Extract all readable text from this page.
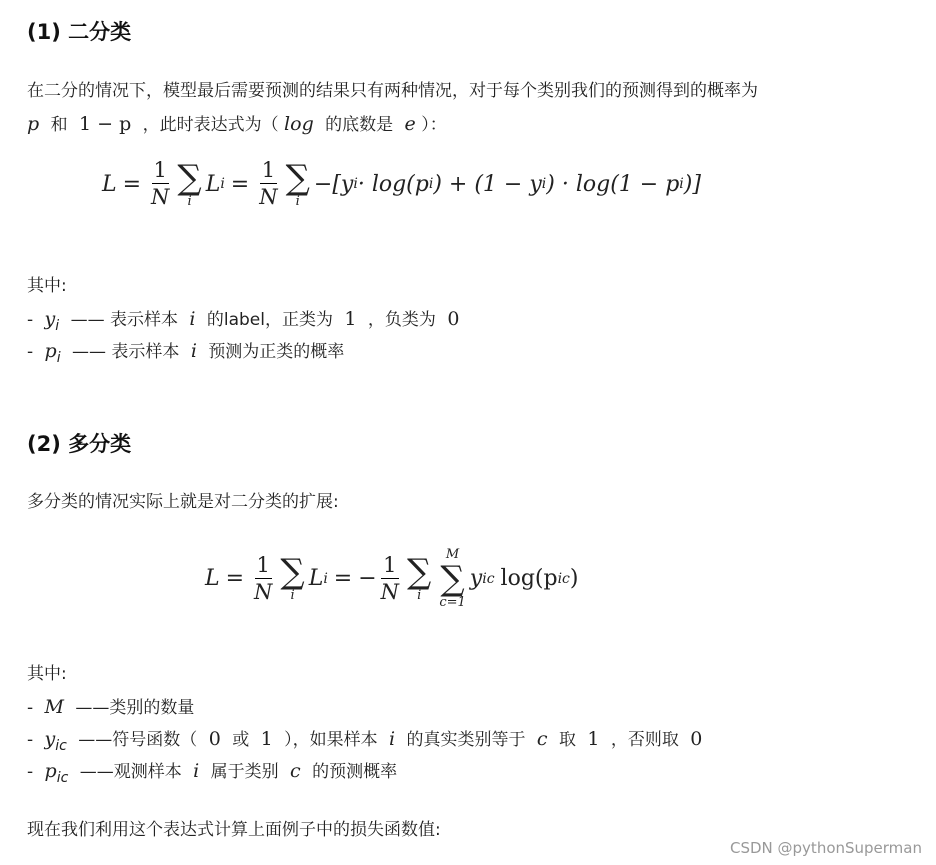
(1) 二分类
在二分的情况下，模型最后需要预测的结果只有两种情况，对于每个类别我们的预测得到的概率为
p 和 1 − p ，此时表达式为（ log 的底数是 e ）：
$L = \frac{1}{N}$ ∑
i
L $i = \frac{1}{N}$ ∑
i
−[y i · log(p i ) + (1 − y i ) · log(1 − p i )]
其中:
- $y_i$ —— 表示样本 i 的label，正类为 1 ，负类为 0
- $p_i$ —— 表示样本 i 预测为正类的概率
(2) 多分类
多分类的情况实际上就是对二分类的扩展:
$L = \frac{1}{N}$ ∑
i
L i = − $\frac{1}{N}$ ∑
i
M
∑
c=1
y ic log(p ic )
其中:
- M ——类别的数量
- $y_{ic}$ ——符号函数（ 0 或 1 ），如果样本 i 的真实类别等于 c 取 1 ，否则取 0
- $p_{ic}$ ——观测样本 i 属于类别 c 的预测概率
现在我们利用这个表达式计算上面例子中的损失函数值:
CSDN @pythonSuperman
